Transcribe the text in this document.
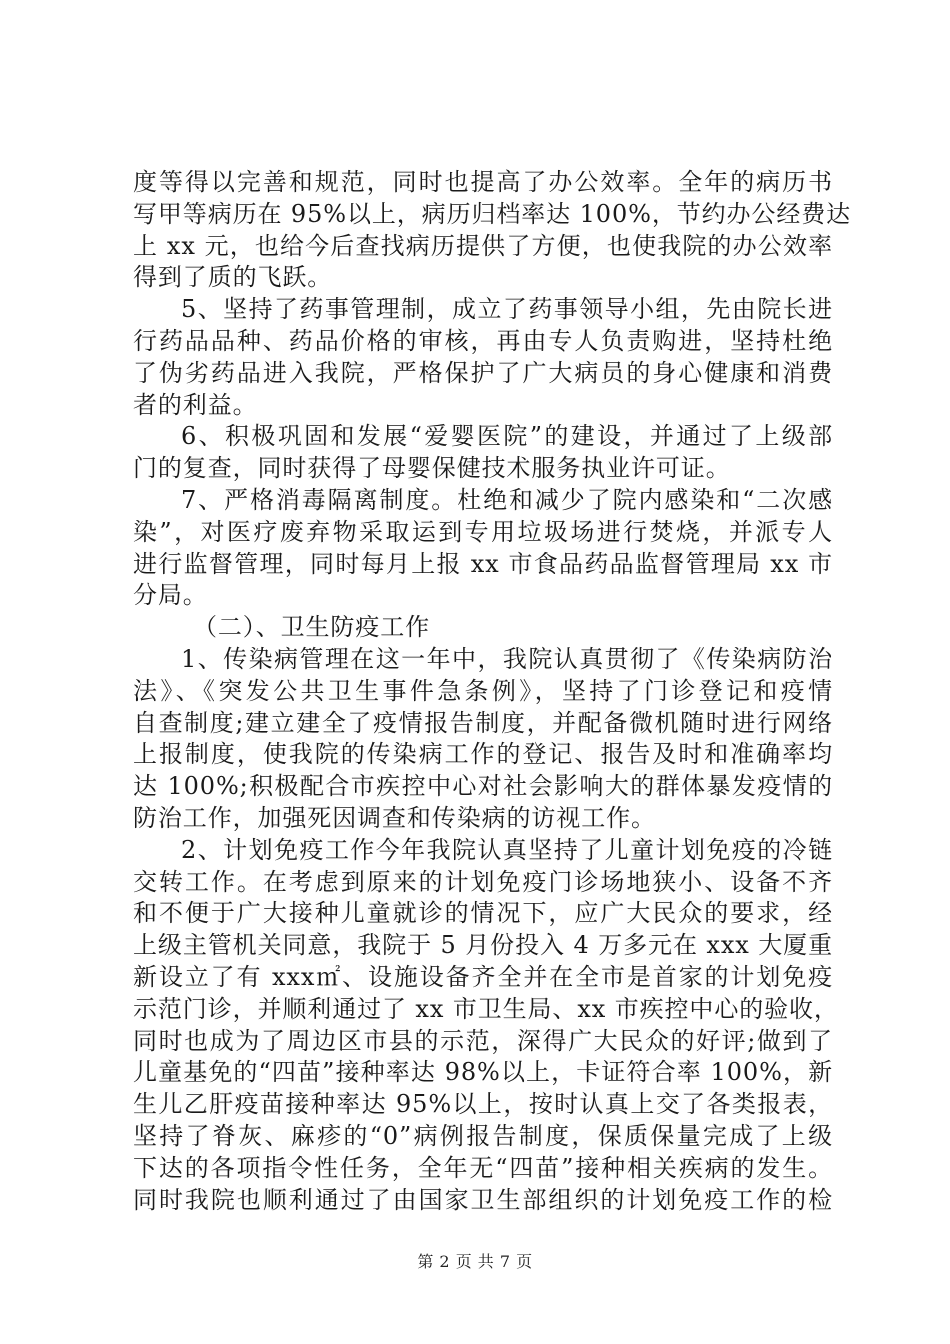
度等得以完善和规范，同时也提高了办公效率。全年的病历书
写甲等病历在 95%以上，病历归档率达 100%，节约办公经费达
上 xx 元，也给今后查找病历提供了方便，也使我院的办公效率
得到了质的飞跃。
5、坚持了药事管理制，成立了药事领导小组，先由院长进
行药品品种、药品价格的审核，再由专人负责购进，坚持杜绝
了伪劣药品进入我院，严格保护了广大病员的身心健康和消费
者的利益。
6、积极巩固和发展“爱婴医院”的建设，并通过了上级部
门的复查，同时获得了母婴保健技术服务执业许可证。
7、严格消毒隔离制度。杜绝和减少了院内感染和“二次感
染”，对医疗废弃物采取运到专用垃圾场进行焚烧，并派专人
进行监督管理，同时每月上报 xx 市食品药品监督管理局 xx 市
分局。
（二）、卫生防疫工作
1、传染病管理在这一年中，我院认真贯彻了《传染病防治
法》、《突发公共卫生事件急条例》，坚持了门诊登记和疫情
自查制度;建立建全了疫情报告制度，并配备微机随时进行网络
上报制度，使我院的传染病工作的登记、报告及时和准确率均
达 100%;积极配合市疾控中心对社会影响大的群体暴发疫情的
防治工作，加强死因调查和传染病的访视工作。
2、计划免疫工作今年我院认真坚持了儿童计划免疫的冷链
交转工作。在考虑到原来的计划免疫门诊场地狭小、设备不齐
和不便于广大接种儿童就诊的情况下，应广大民众的要求，经
上级主管机关同意，我院于 5 月份投入 4 万多元在 xxx 大厦重
新设立了有 xxx㎡、设施设备齐全并在全市是首家的计划免疫
示范门诊，并顺利通过了 xx 市卫生局、xx 市疾控中心的验收，
同时也成为了周边区市县的示范，深得广大民众的好评;做到了
儿童基免的“四苗”接种率达 98%以上，卡证符合率 100%，新
生儿乙肝疫苗接种率达 95%以上，按时认真上交了各类报表，
坚持了脊灰、麻疹的“0”病例报告制度，保质保量完成了上级
下达的各项指令性任务，全年无“四苗”接种相关疾病的发生。
同时我院也顺利通过了由国家卫生部组织的计划免疫工作的检
第 2 页 共 7 页
